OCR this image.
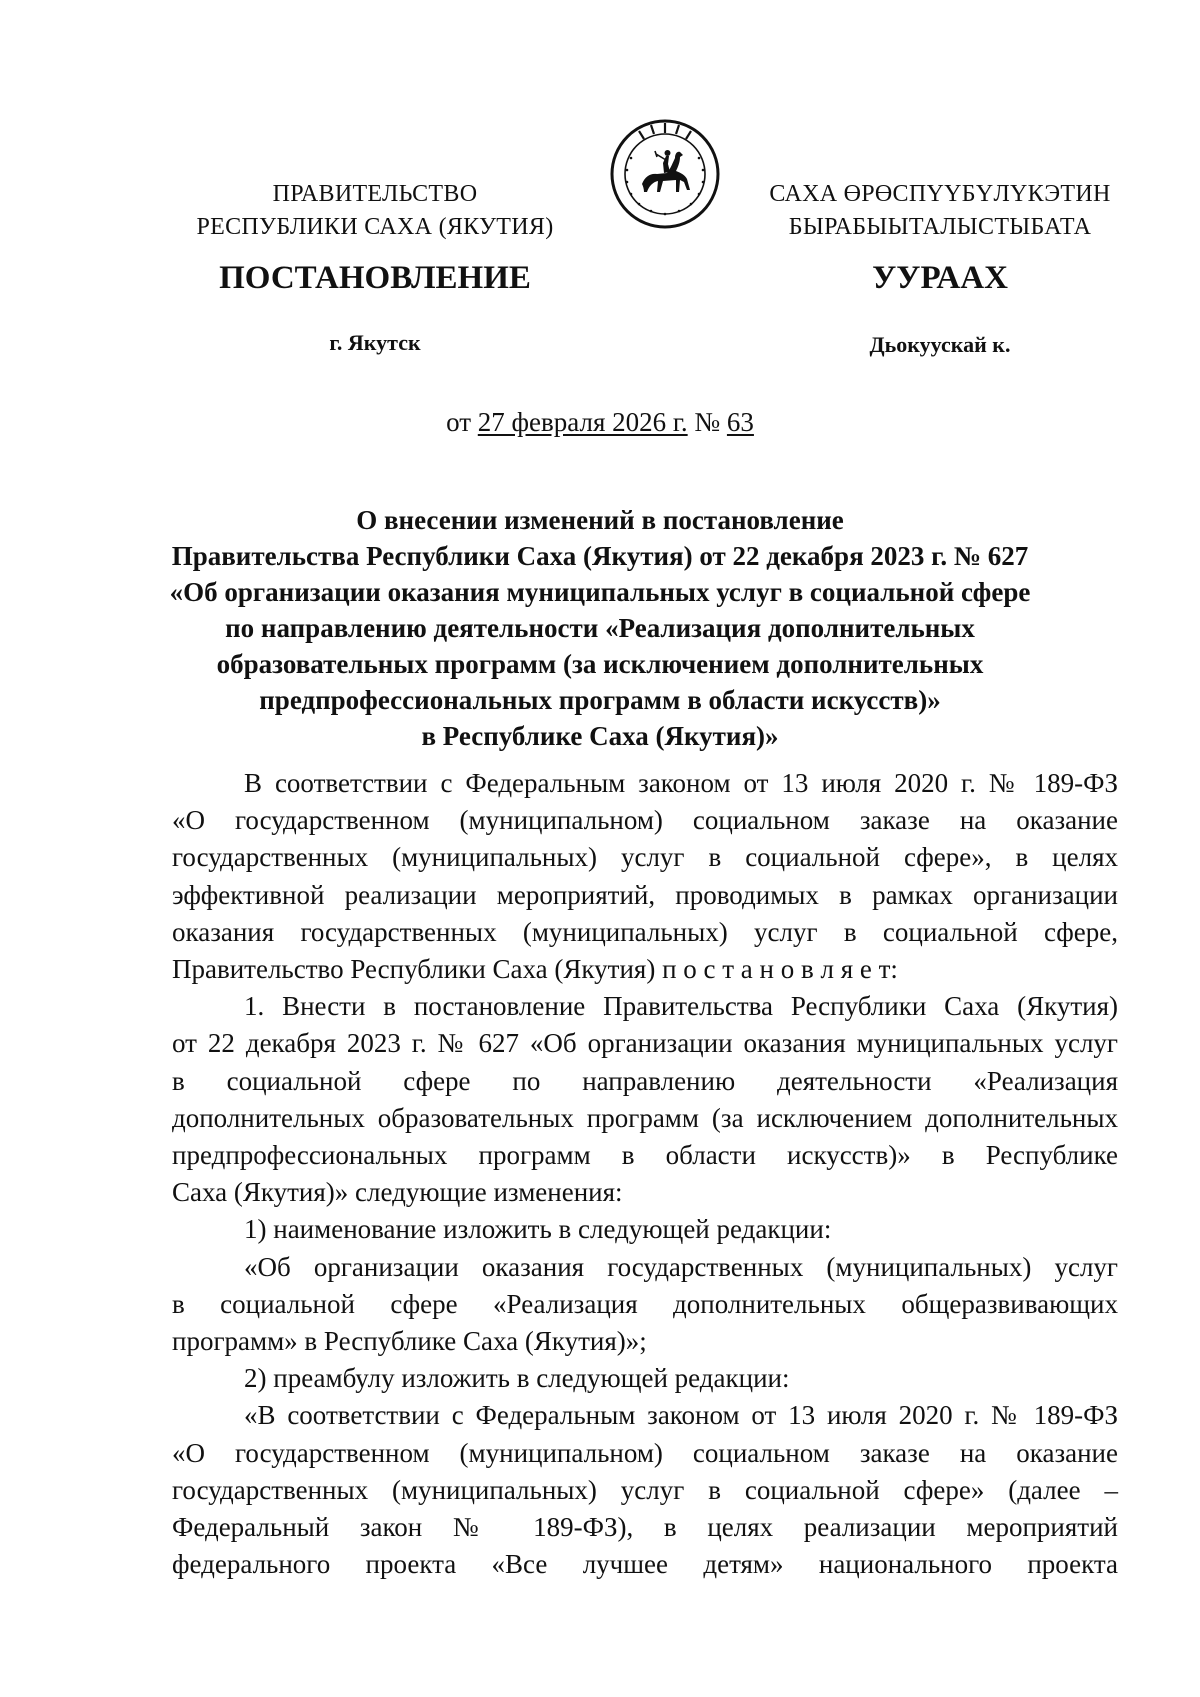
ПРАВИТЕЛЬСТВО
РЕСПУБЛИКИ САХА (ЯКУТИЯ)
САХА ӨРӨСПҮҮБҮЛҮКЭТИН
БЫРАБЫЫТАЛЫСТЫБАТА
ПОСТАНОВЛЕНИЕ	УУРААХ
г. Якутск	Дьокуускай к.
от 27 февраля 2026 г. № 63
О внесении изменений в постановление
Правительства Республики Саха (Якутия) от 22 декабря 2023 г. № 627
«Об организации оказания муниципальных услуг в социальной сфере
по направлению деятельности «Реализация дополнительных
образовательных программ (за исключением дополнительных
предпрофессиональных программ в области искусств)»
в Республике Саха (Якутия)»

В соответствии с Федеральным законом от 13 июля 2020 г. № 189-ФЗ

«О государственном (муниципальном) социальном заказе на оказание

государственных (муниципальных) услуг в социальной сфере», в целях

эффективной реализации мероприятий, проводимых в рамках организации

оказания государственных (муниципальных) услуг в социальной сфере,

Правительство Республики Саха (Якутия) п о с т а н о в л я е т:

1. Внести в постановление Правительства Республики Саха (Якутия)

от 22 декабря 2023 г. № 627 «Об организации оказания муниципальных услуг

в социальной сфере по направлению деятельности «Реализация

дополнительных образовательных программ (за исключением дополнительных

предпрофессиональных программ в области искусств)» в Республике

Саха (Якутия)» следующие изменения:

1) наименование изложить в следующей редакции:

«Об организации оказания государственных (муниципальных) услуг

в социальной сфере «Реализация дополнительных общеразвивающих

программ» в Республике Саха (Якутия)»;

2) преамбулу изложить в следующей редакции:

«В соответствии с Федеральным законом от 13 июля 2020 г. № 189-ФЗ

«О государственном (муниципальном) социальном заказе на оказание

государственных (муниципальных) услуг в социальной сфере» (далее –

Федеральный закон № 189-ФЗ), в целях реализации мероприятий

федерального проекта «Все лучшее детям» национального проекта
